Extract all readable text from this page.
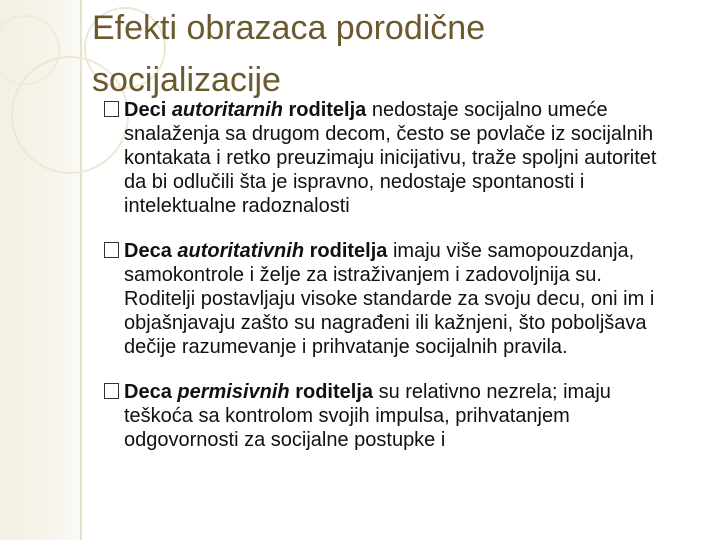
Efekti obrazaca porodične
socijalizacije
Deci autoritarnih roditelja nedostaje socijalno umeće snalaženja sa drugom decom, često se povlače iz socijalnih kontakata i retko preuzimaju inicijativu, traže spoljni autoritet da bi odlučili šta je ispravno, nedostaje spontanosti i intelektualne radoznalosti
Deca autoritativnih roditelja imaju više samopouzdanja, samokontrole i želje za istraživanjem i zadovoljnija su. Roditelji postavljaju visoke standarde za svoju decu, oni im i objašnjavaju zašto su nagrađeni ili kažnjeni, što poboljšava dečije razumevanje i prihvatanje socijalnih pravila.
Deca permisivnih roditelja su relativno nezrela; imaju teškoća sa kontrolom svojih impulsa, prihvatanjem odgovornosti za socijalne postupke i
